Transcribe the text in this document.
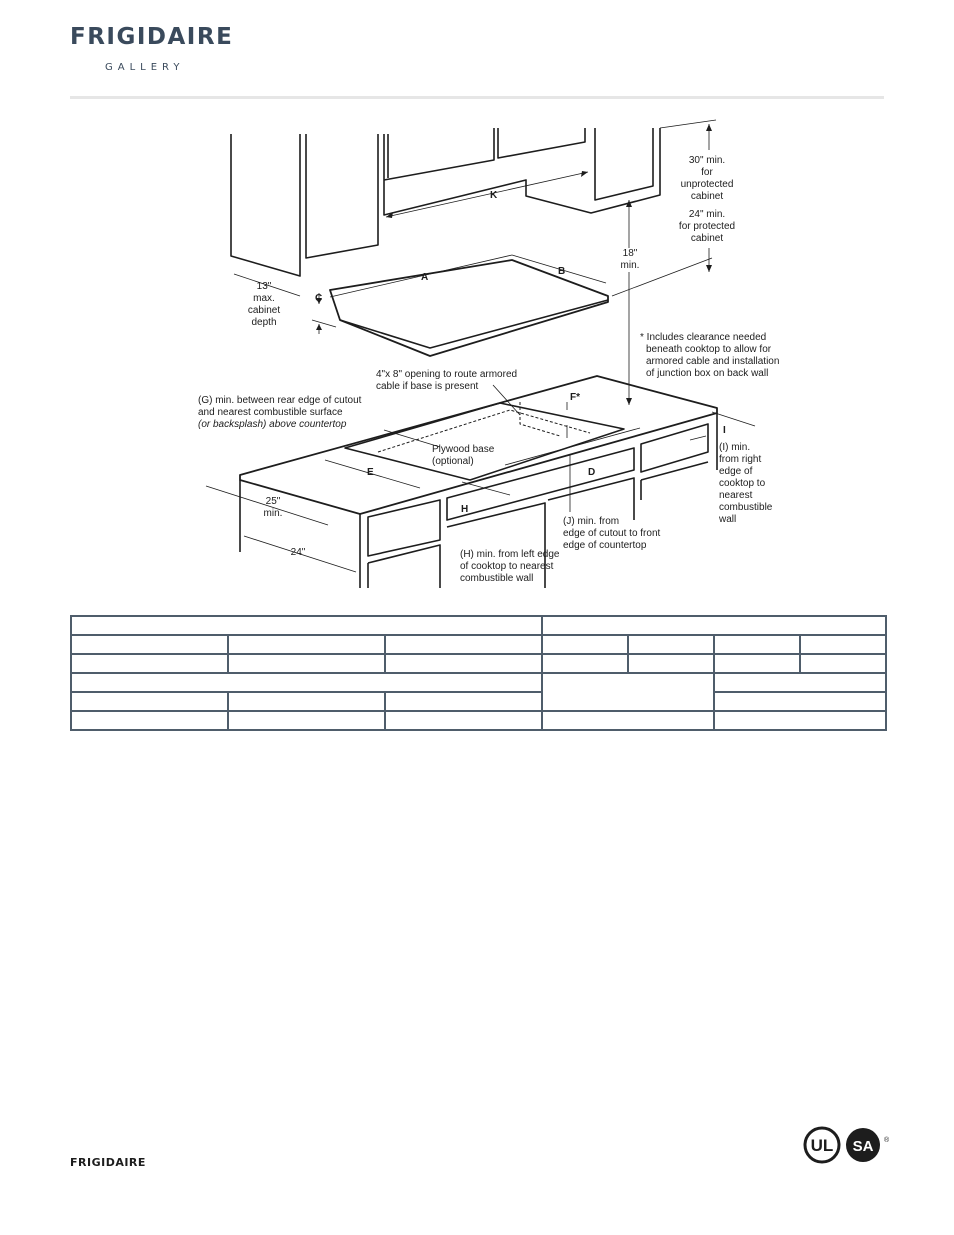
FRIGIDAIRE
GALLERY
K
A
B
C
E	D
F*
H
I
30" min.
for
unprotected
cabinet
24" min.
for protected
cabinet
18"
min.
13"
max.
cabinet
depth
* Includes clearance needed
beneath cooktop to allow for
armored cable and installation
of junction box on back wall
4"x 8" opening to route armored
cable if base is present
(G) min. between rear edge of cutout
and nearest combustible surface
(or backsplash) above countertop
Plywood base
(optional)
(I) min.
from right
edge of
cooktop to
nearest
combustible
wall
(J) min. from
edge of cutout to front
edge of countertop
(H) min. from left edge
of cooktop to nearest
combustible wall
25"
min.
24"

FRIGIDAIRE
UL SA ®
